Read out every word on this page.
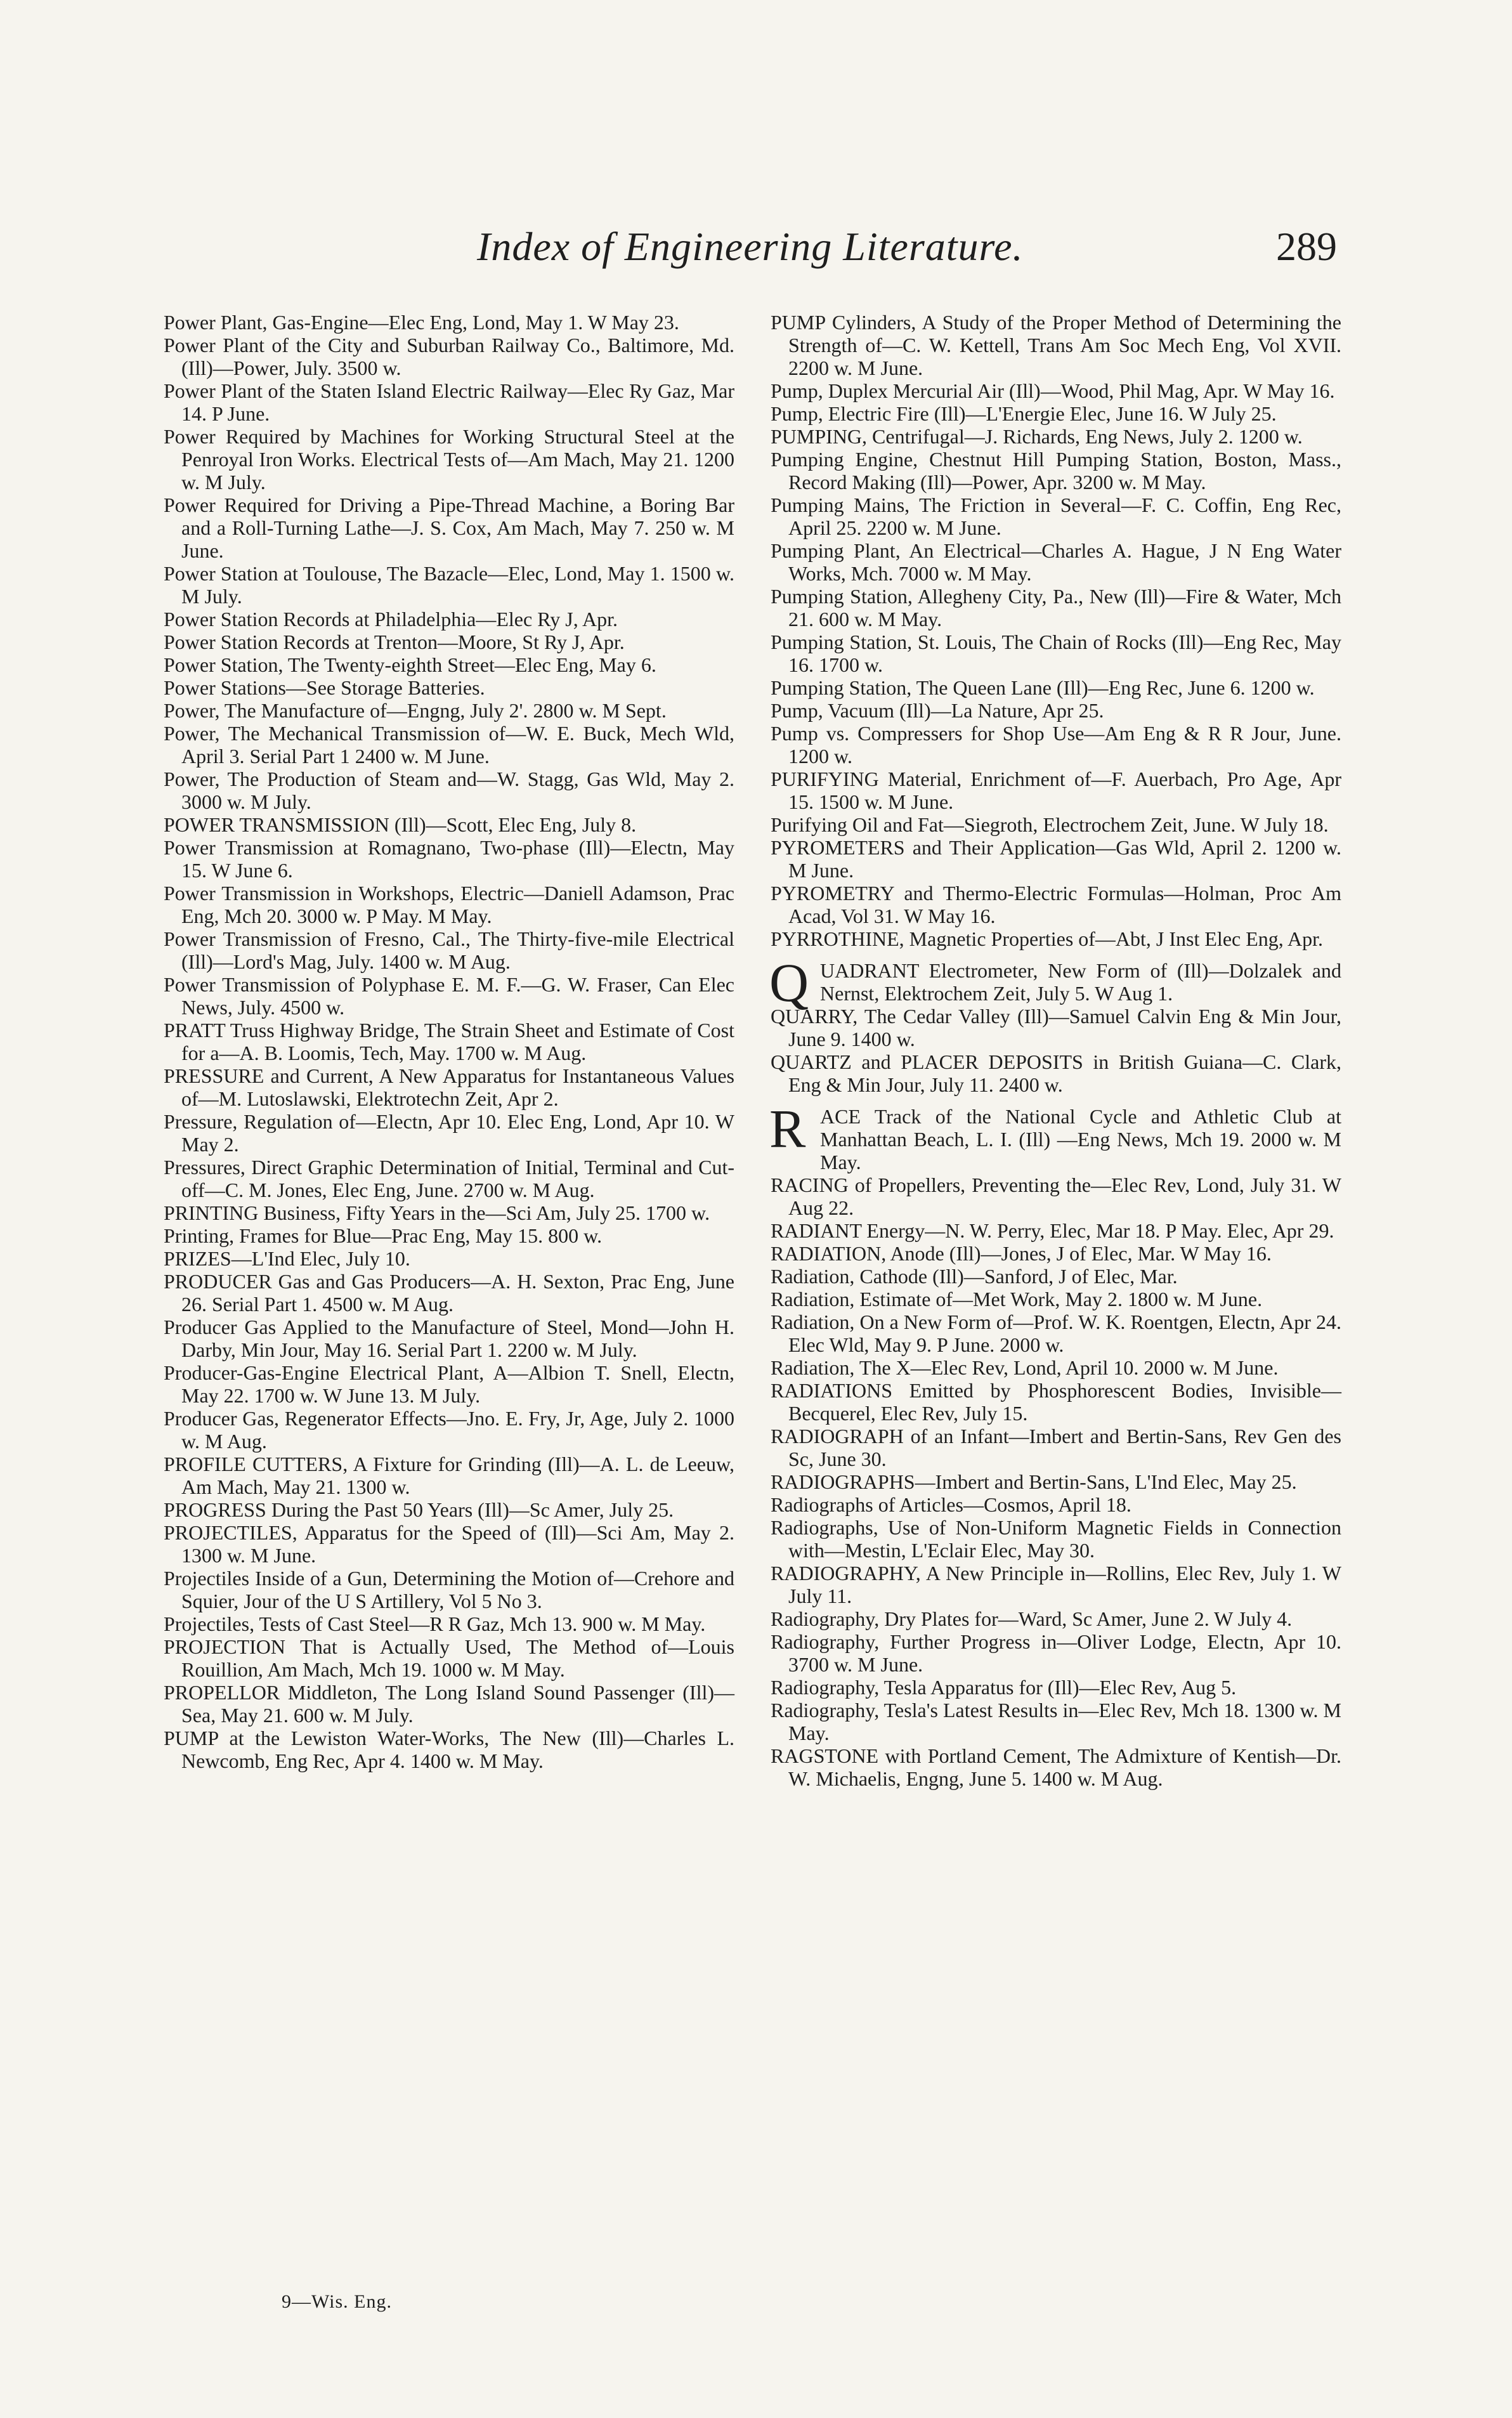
Index of Engineering Literature.	289
Power Plant, Gas-Engine—Elec Eng, Lond, May 1. W May 23.
Power Plant of the City and Suburban Railway Co., Baltimore, Md. (Ill)—Power, July. 3500 w.
Power Plant of the Staten Island Electric Railway—Elec Ry Gaz, Mar 14. P June.
Power Required by Machines for Working Structural Steel at the Penroyal Iron Works. Electrical Tests of—Am Mach, May 21. 1200 w. M July.
Power Required for Driving a Pipe-Thread Machine, a Boring Bar and a Roll-Turning Lathe—J. S. Cox, Am Mach, May 7. 250 w. M June.
Power Station at Toulouse, The Bazacle—Elec, Lond, May 1. 1500 w. M July.
Power Station Records at Philadelphia—Elec Ry J, Apr.
Power Station Records at Trenton—Moore, St Ry J, Apr.
Power Station, The Twenty-eighth Street—Elec Eng, May 6.
Power Stations—See Storage Batteries.
Power, The Manufacture of—Engng, July 2'. 2800 w. M Sept.
Power, The Mechanical Transmission of—W. E. Buck, Mech Wld, April 3. Serial Part 1 2400 w. M June.
Power, The Production of Steam and—W. Stagg, Gas Wld, May 2. 3000 w. M July.
POWER TRANSMISSION (Ill)—Scott, Elec Eng, July 8.
Power Transmission at Romagnano, Two-phase (Ill)—Electn, May 15. W June 6.
Power Transmission in Workshops, Electric—Daniell Adamson, Prac Eng, Mch 20. 3000 w. P May. M May.
Power Transmission of Fresno, Cal., The Thirty-five-mile Electrical (Ill)—Lord's Mag, July. 1400 w. M Aug.
Power Transmission of Polyphase E. M. F.—G. W. Fraser, Can Elec News, July. 4500 w.
PRATT Truss Highway Bridge, The Strain Sheet and Estimate of Cost for a—A. B. Loomis, Tech, May. 1700 w. M Aug.
PRESSURE and Current, A New Apparatus for Instantaneous Values of—M. Lutoslawski, Elektrotechn Zeit, Apr 2.
Pressure, Regulation of—Electn, Apr 10. Elec Eng, Lond, Apr 10. W May 2.
Pressures, Direct Graphic Determination of Initial, Terminal and Cut-off—C. M. Jones, Elec Eng, June. 2700 w. M Aug.
PRINTING Business, Fifty Years in the—Sci Am, July 25. 1700 w.
Printing, Frames for Blue—Prac Eng, May 15. 800 w.
PRIZES—L'Ind Elec, July 10.
PRODUCER Gas and Gas Producers—A. H. Sexton, Prac Eng, June 26. Serial Part 1. 4500 w. M Aug.
Producer Gas Applied to the Manufacture of Steel, Mond—John H. Darby, Min Jour, May 16. Serial Part 1. 2200 w. M July.
Producer-Gas-Engine Electrical Plant, A—Albion T. Snell, Electn, May 22. 1700 w. W June 13. M July.
Producer Gas, Regenerator Effects—Jno. E. Fry, Jr, Age, July 2. 1000 w. M Aug.
PROFILE CUTTERS, A Fixture for Grinding (Ill)—A. L. de Leeuw, Am Mach, May 21. 1300 w.
PROGRESS During the Past 50 Years (Ill)—Sc Amer, July 25.
PROJECTILES, Apparatus for the Speed of (Ill)—Sci Am, May 2. 1300 w. M June.
Projectiles Inside of a Gun, Determining the Motion of—Crehore and Squier, Jour of the U S Artillery, Vol 5 No 3.
Projectiles, Tests of Cast Steel—R R Gaz, Mch 13. 900 w. M May.
PROJECTION That is Actually Used, The Method of—Louis Rouillion, Am Mach, Mch 19. 1000 w. M May.
PROPELLOR Middleton, The Long Island Sound Passenger (Ill)—Sea, May 21. 600 w. M July.
PUMP at the Lewiston Water-Works, The New (Ill)—Charles L. Newcomb, Eng Rec, Apr 4. 1400 w. M May.
PUMP Cylinders, A Study of the Proper Method of Determining the Strength of—C. W. Kettell, Trans Am Soc Mech Eng, Vol XVII. 2200 w. M June.
Pump, Duplex Mercurial Air (Ill)—Wood, Phil Mag, Apr. W May 16.
Pump, Electric Fire (Ill)—L'Energie Elec, June 16. W July 25.
PUMPING, Centrifugal—J. Richards, Eng News, July 2. 1200 w.
Pumping Engine, Chestnut Hill Pumping Station, Boston, Mass., Record Making (Ill)—Power, Apr. 3200 w. M May.
Pumping Mains, The Friction in Several—F. C. Coffin, Eng Rec, April 25. 2200 w. M June.
Pumping Plant, An Electrical—Charles A. Hague, J N Eng Water Works, Mch. 7000 w. M May.
Pumping Station, Allegheny City, Pa., New (Ill)—Fire & Water, Mch 21. 600 w. M May.
Pumping Station, St. Louis, The Chain of Rocks (Ill)—Eng Rec, May 16. 1700 w.
Pumping Station, The Queen Lane (Ill)—Eng Rec, June 6. 1200 w.
Pump, Vacuum (Ill)—La Nature, Apr 25.
Pump vs. Compressers for Shop Use—Am Eng & R R Jour, June. 1200 w.
PURIFYING Material, Enrichment of—F. Auerbach, Pro Age, Apr 15. 1500 w. M June.
Purifying Oil and Fat—Siegroth, Electrochem Zeit, June. W July 18.
PYROMETERS and Their Application—Gas Wld, April 2. 1200 w. M June.
PYROMETRY and Thermo-Electric Formulas—Holman, Proc Am Acad, Vol 31. W May 16.
PYRROTHINE, Magnetic Properties of—Abt, J Inst Elec Eng, Apr.
Q UADRANT Electrometer, New Form of (Ill)—Dolzalek and Nernst, Elektrochem Zeit, July 5. W Aug 1.
QUARRY, The Cedar Valley (Ill)—Samuel Calvin Eng & Min Jour, June 9. 1400 w.
QUARTZ and PLACER DEPOSITS in British Guiana—C. Clark, Eng & Min Jour, July 11. 2400 w.
R ACE Track of the National Cycle and Athletic Club at Manhattan Beach, L. I. (Ill) —Eng News, Mch 19. 2000 w. M May.
RACING of Propellers, Preventing the—Elec Rev, Lond, July 31. W Aug 22.
RADIANT Energy—N. W. Perry, Elec, Mar 18. P May. Elec, Apr 29.
RADIATION, Anode (Ill)—Jones, J of Elec, Mar. W May 16.
Radiation, Cathode (Ill)—Sanford, J of Elec, Mar.
Radiation, Estimate of—Met Work, May 2. 1800 w. M June.
Radiation, On a New Form of—Prof. W. K. Roentgen, Electn, Apr 24. Elec Wld, May 9. P June. 2000 w.
Radiation, The X—Elec Rev, Lond, April 10. 2000 w. M June.
RADIATIONS Emitted by Phosphorescent Bodies, Invisible—Becquerel, Elec Rev, July 15.
RADIOGRAPH of an Infant—Imbert and Bertin-Sans, Rev Gen des Sc, June 30.
RADIOGRAPHS—Imbert and Bertin-Sans, L'Ind Elec, May 25.
Radiographs of Articles—Cosmos, April 18.
Radiographs, Use of Non-Uniform Magnetic Fields in Connection with—Mestin, L'Eclair Elec, May 30.
RADIOGRAPHY, A New Principle in—Rollins, Elec Rev, July 1. W July 11.
Radiography, Dry Plates for—Ward, Sc Amer, June 2. W July 4.
Radiography, Further Progress in—Oliver Lodge, Electn, Apr 10. 3700 w. M June.
Radiography, Tesla Apparatus for (Ill)—Elec Rev, Aug 5.
Radiography, Tesla's Latest Results in—Elec Rev, Mch 18. 1300 w. M May.
RAGSTONE with Portland Cement, The Admixture of Kentish—Dr. W. Michaelis, Engng, June 5. 1400 w. M Aug.
9—Wis. Eng.
